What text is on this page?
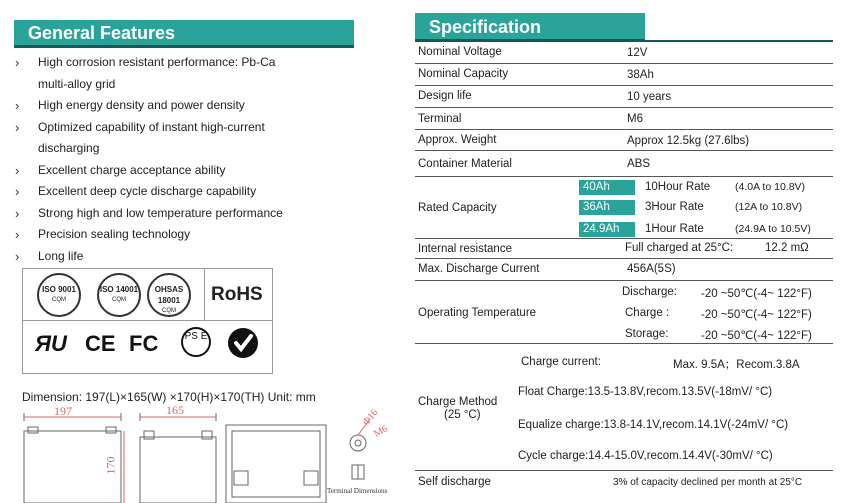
General Features
› High corrosion resistant performance: Pb-Ca
multi-alloy grid
› High energy density and power density
› Optimized capability of instant high-current
discharging
› Excellent charge acceptance ability
› Excellent deep cycle discharge capability
› Strong high and low temperature performance
› Precision sealing technology
› Long life
ISO 9001
CQM
ISO 14001
CQM
OHSAS 18001
CQM
RoHS
ЯU CE FC	PS E
Dimension: 197(L)×165(W) ×170(H)×170(TH) Unit: mm
197	165
170
Φ16
M6
Terminal Dimensions
Specification
Nominal Voltage	12V
Nominal Capacity	38Ah
Design life	10 years
Terminal	M6
Approx. Weight	Approx 12.5kg (27.6lbs)
Container Material	ABS
Rated Capacity
40Ah	10Hour Rate (4.0A to 10.8V)
36Ah	3Hour Rate	(12A to 10.8V)
24.9Ah	1Hour Rate	(24.9A to 10.5V)
Internal resistance	Full charged at 25°C:	12.2 mΩ
Max. Discharge Current	456A(5S)
Operating Temperature
Discharge: -20 ~50℃(-4~ 122°F)
Charge :	-20 ~50℃(-4~ 122°F)
Storage:	-20 ~50℃(-4~ 122°F)
Charge Method
(25 °C)
Charge current:	Max. 9.5A；Recom.3.8A
Float Charge:13.5-13.8V,recom.13.5V(-18mV/ °C)
Equalize charge:13.8-14.1V,recom.14.1V(-24mV/ °C)
Cycle charge:14.4-15.0V,recom.14.4V(-30mV/ °C)
Self discharge	3% of capacity declined per month at 25°C
